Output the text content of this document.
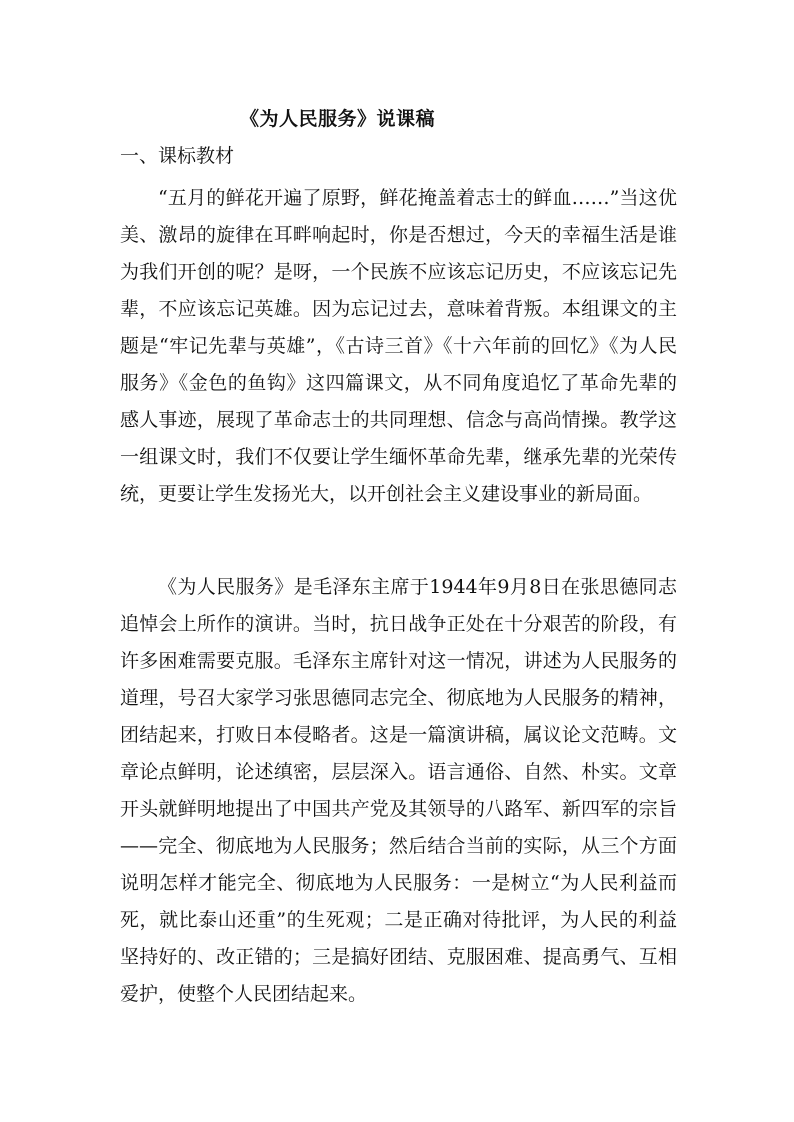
《为人民服务》说课稿
一、课标教材

“五月的鲜花开遍了原野，鲜花掩盖着志士的鲜血……”当这优美、激昂的旋律在耳畔响起时，你是否想过，今天的幸福生活是谁为我们开创的呢？是呀，一个民族不应该忘记历史，不应该忘记先辈，不应该忘记英雄。因为忘记过去，意味着背叛。本组课文的主题是“牢记先辈与英雄”，《古诗三首》《十六年前的回忆》《为人民服务》《金色的鱼钩》这四篇课文，从不同角度追忆了革命先辈的感人事迹，展现了革命志士的共同理想、信念与高尚情操。教学这一组课文时，我们不仅要让学生缅怀革命先辈，继承先辈的光荣传统，更要让学生发扬光大，以开创社会主义建设事业的新局面。

《为人民服务》是毛泽东主席于1944年9月8日在张思德同志追悼会上所作的演讲。当时，抗日战争正处在十分艰苦的阶段，有许多困难需要克服。毛泽东主席针对这一情况，讲述为人民服务的道理，号召大家学习张思德同志完全、彻底地为人民服务的精神，团结起来，打败日本侵略者。这是一篇演讲稿，属议论文范畴。文章论点鲜明，论述缜密，层层深入。语言通俗、自然、朴实。文章开头就鲜明地提出了中国共产党及其领导的八路军、新四军的宗旨——完全、彻底地为人民服务；然后结合当前的实际，从三个方面说明怎样才能完全、彻底地为人民服务：一是树立“为人民利益而死，就比泰山还重”的生死观；二是正确对待批评，为人民的利益坚持好的、改正错的；三是搞好团结、克服困难、提高勇气、互相爱护，使整个人民团结起来。
